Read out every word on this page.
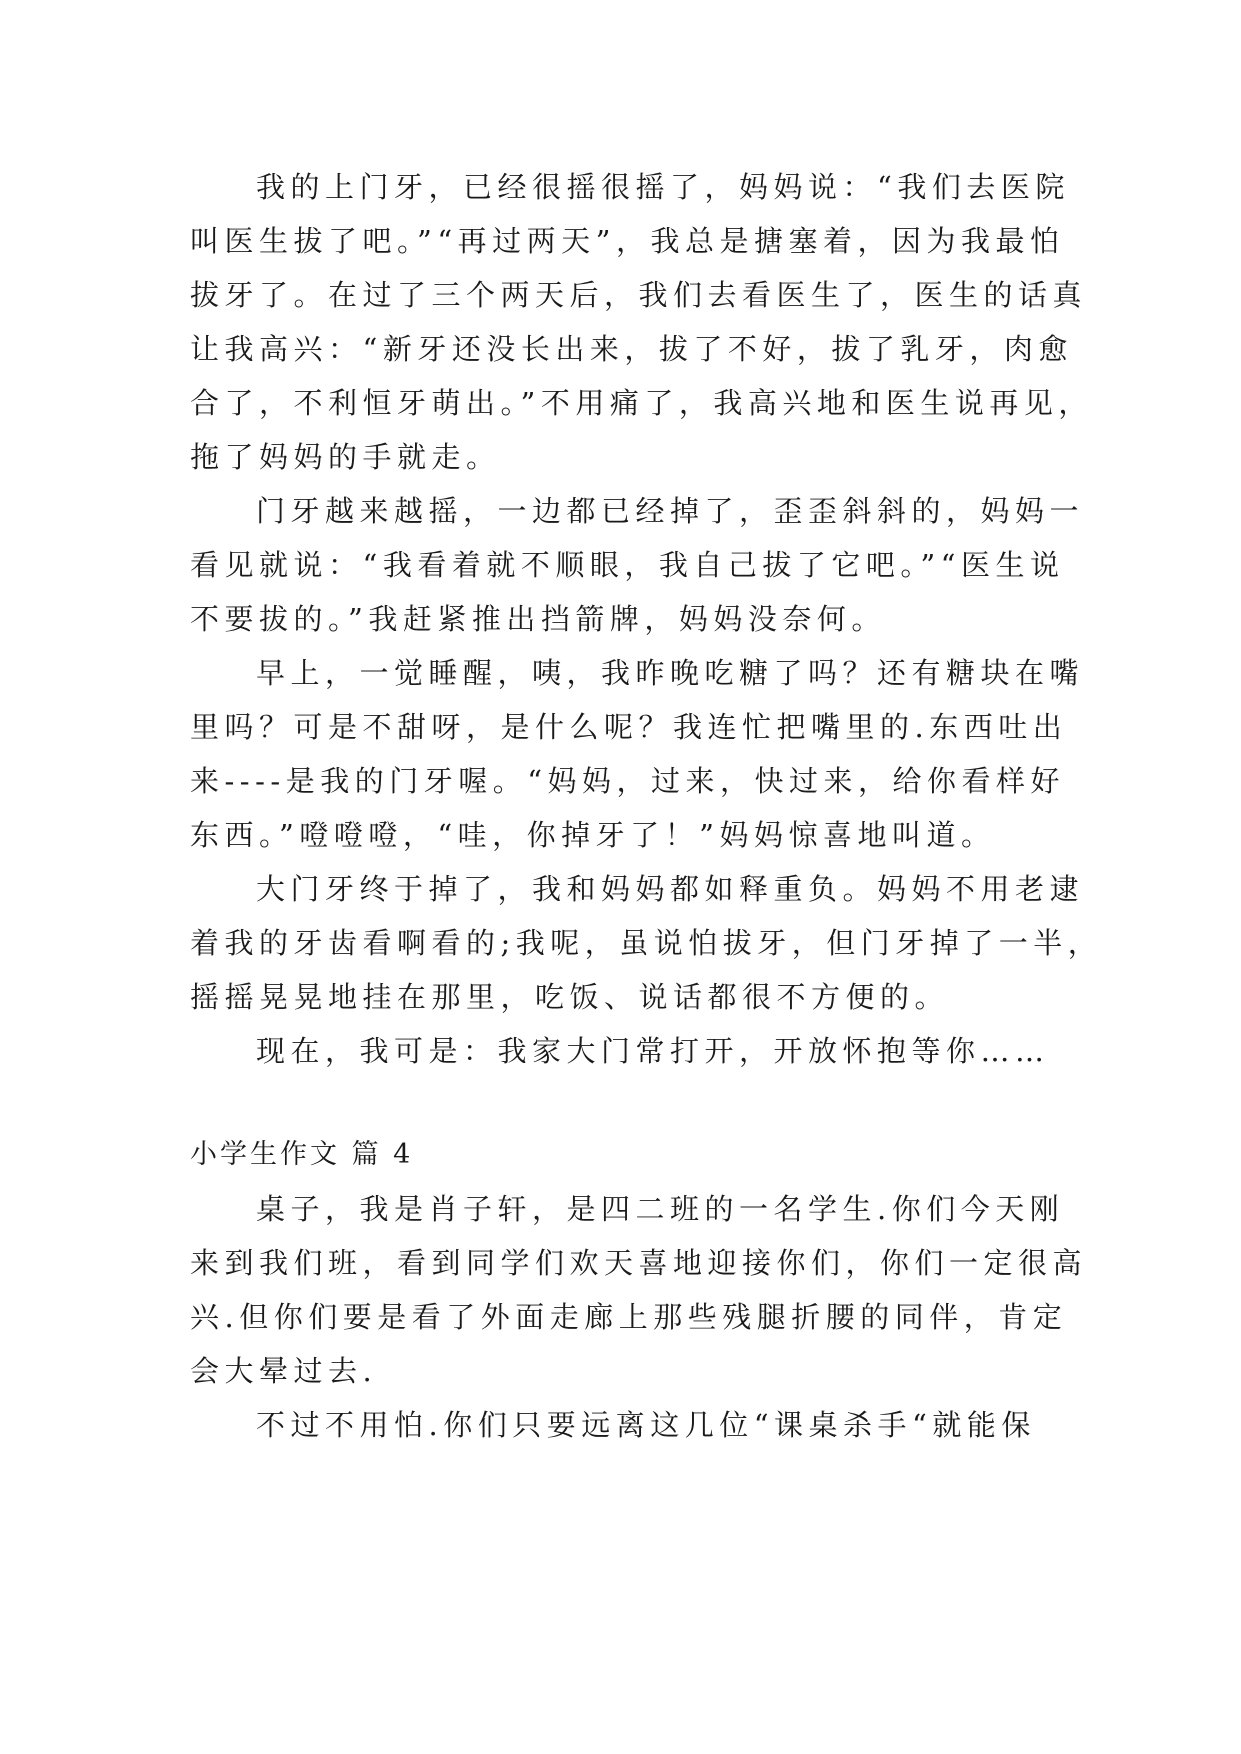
我的上门牙，已经很摇很摇了，妈妈说：“我们去医院
叫医生拔了吧。”“再过两天”，我总是搪塞着，因为我最怕
拔牙了。在过了三个两天后，我们去看医生了，医生的话真
让我高兴：“新牙还没长出来，拔了不好，拔了乳牙，肉愈
合了，不利恒牙萌出。”不用痛了，我高兴地和医生说再见，
拖了妈妈的手就走。
门牙越来越摇，一边都已经掉了，歪歪斜斜的，妈妈一
看见就说：“我看着就不顺眼，我自己拔了它吧。”“医生说
不要拔的。”我赶紧推出挡箭牌，妈妈没奈何。
早上，一觉睡醒，咦，我昨晚吃糖了吗？还有糖块在嘴
里吗？可是不甜呀，是什么呢？我连忙把嘴里的.东西吐出
来----是我的门牙喔。“妈妈，过来，快过来，给你看样好
东西。”噔噔噔，“哇，你掉牙了！”妈妈惊喜地叫道。
大门牙终于掉了，我和妈妈都如释重负。妈妈不用老逮
着我的牙齿看啊看的;我呢，虽说怕拔牙，但门牙掉了一半，
摇摇晃晃地挂在那里，吃饭、说话都很不方便的。
现在，我可是：我家大门常打开，开放怀抱等你……
小学生作文 篇 4
桌子，我是肖子轩，是四二班的一名学生.你们今天刚
来到我们班，看到同学们欢天喜地迎接你们，你们一定很高
兴.但你们要是看了外面走廊上那些残腿折腰的同伴，肯定
会大晕过去.
不过不用怕.你们只要远离这几位“课桌杀手“就能保
